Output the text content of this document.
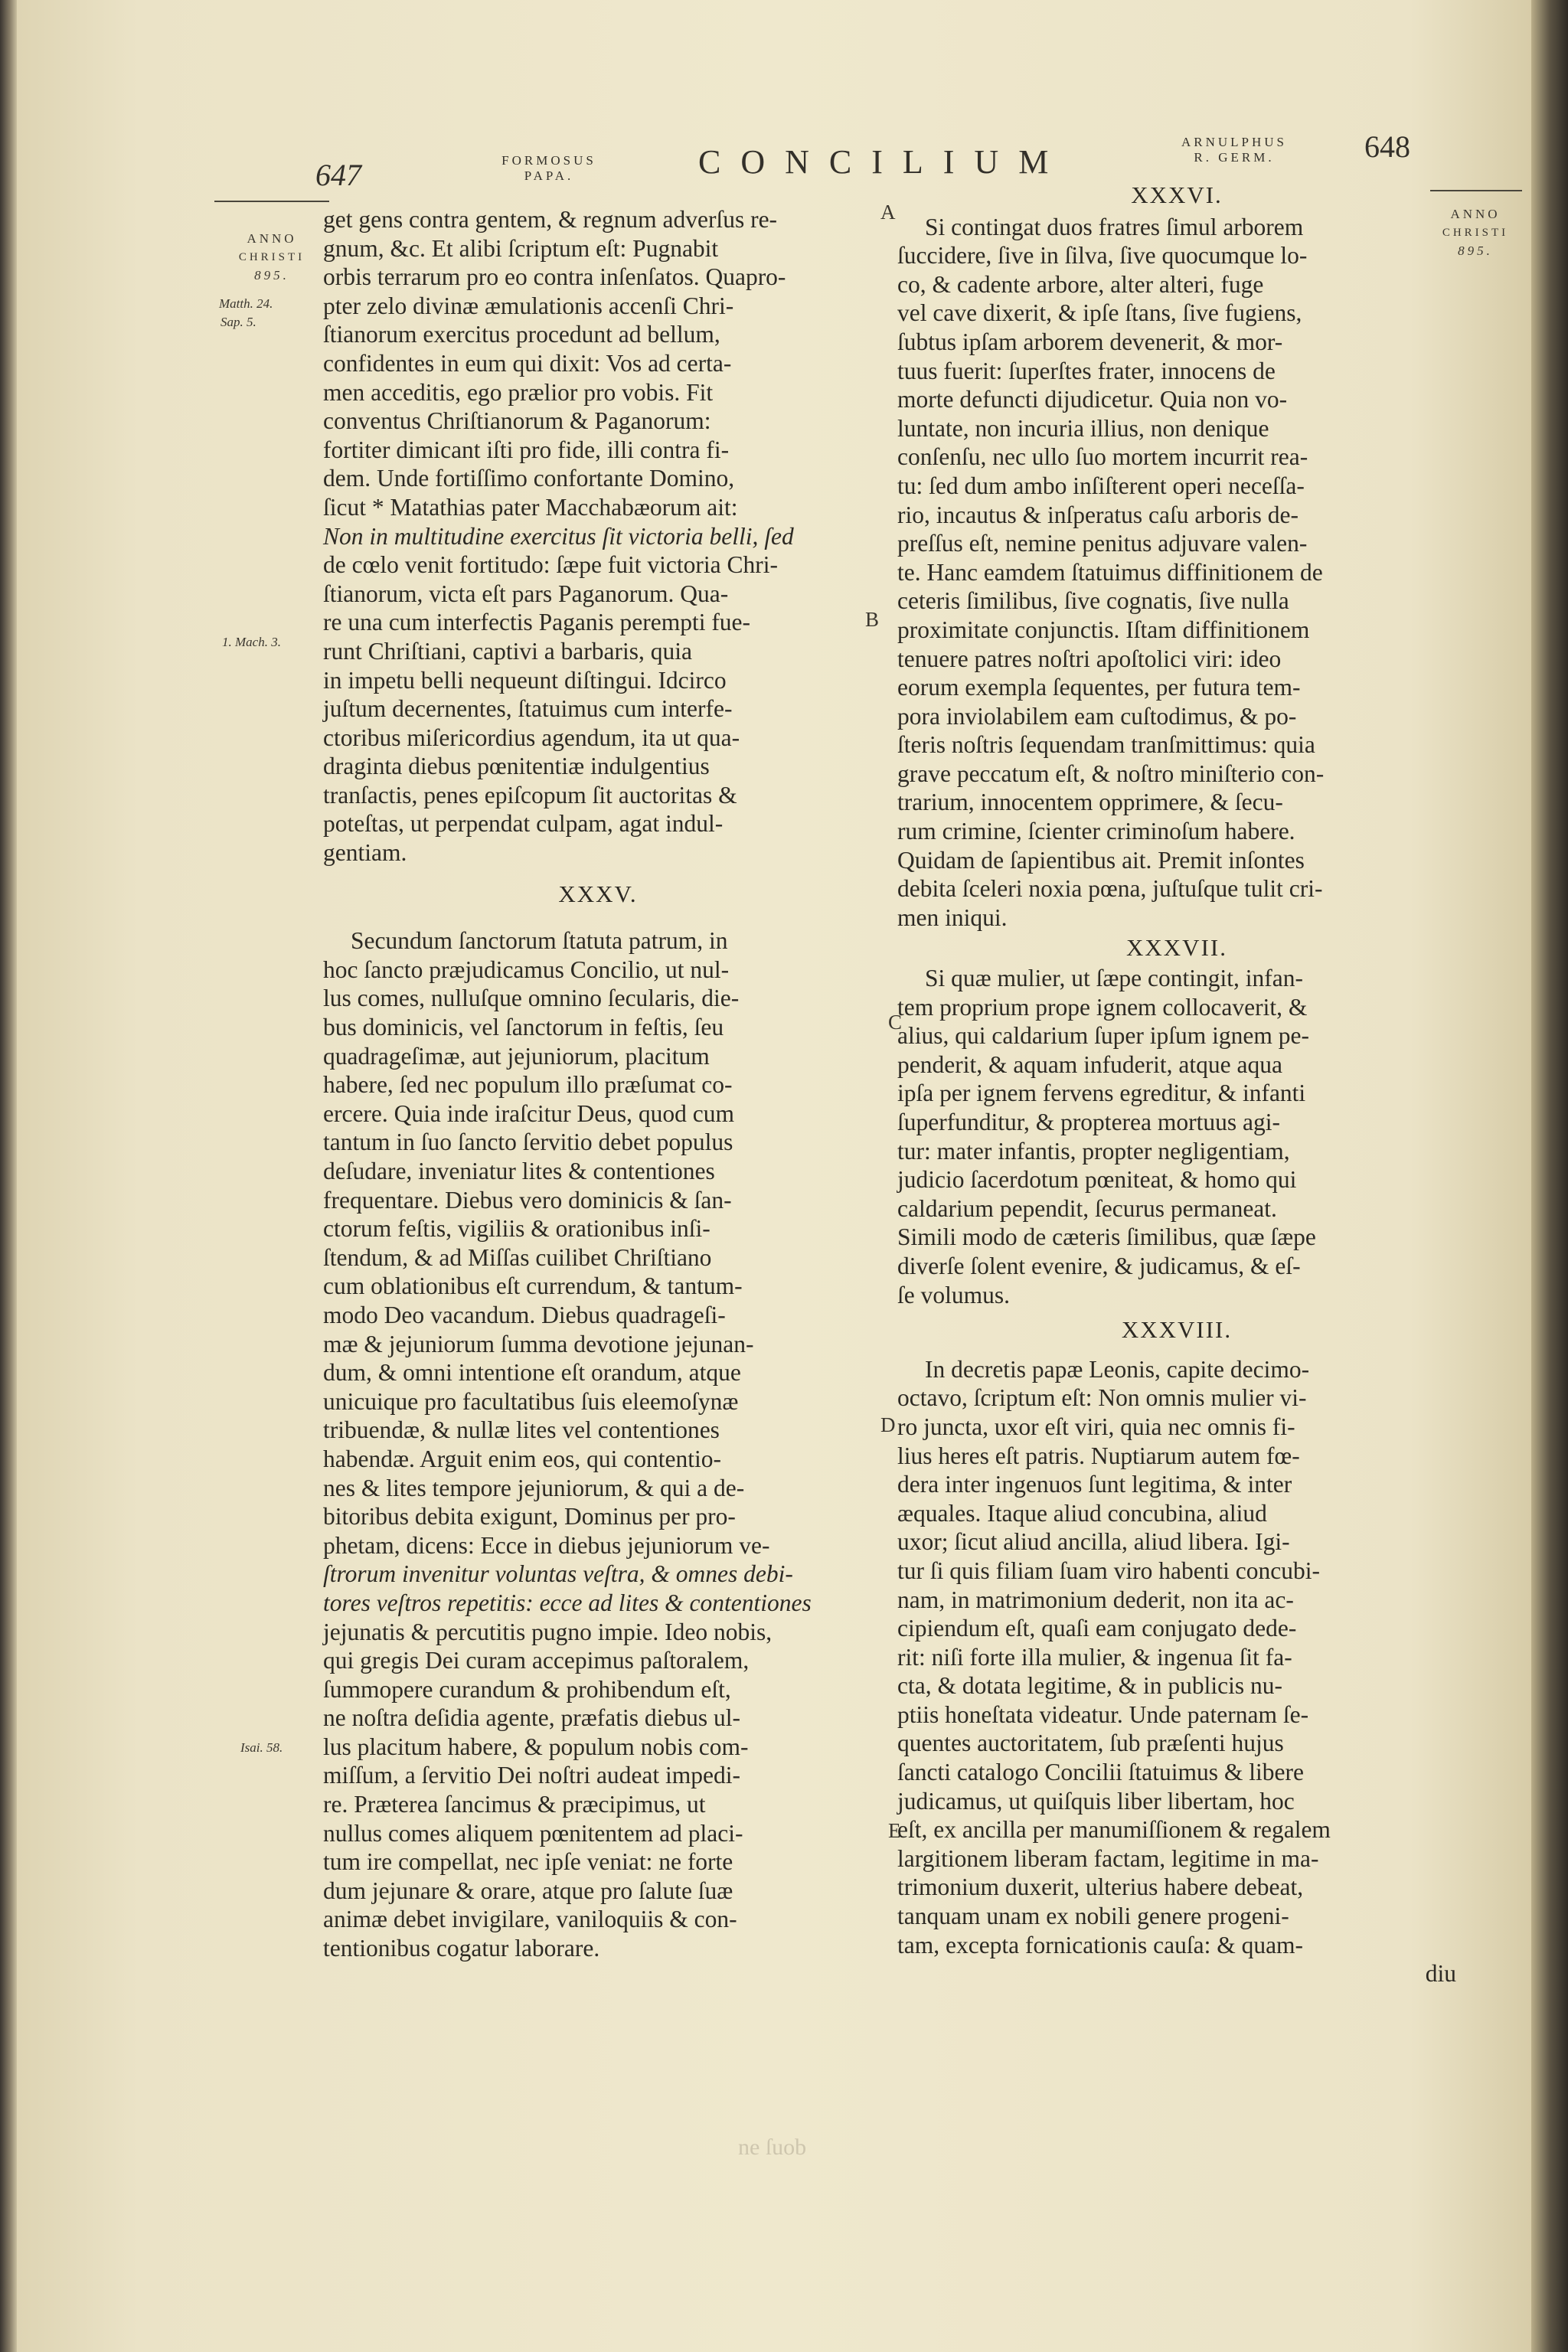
647	FORMOSUS
PAPA.	CONCILIUM
ARNULPHUS
R. GERM.	648
ANNO
CHRISTI
895.
Matth. 24.
Sap. 5.
1. Mach. 3.
Isai. 58.
ANNO
CHRISTI
895.
A
B
C
D
E
ne ſuob

get gens contra gentem, & regnum adverſus re-

gnum, &c. Et alibi ſcriptum eſt: Pugnabit

orbis terrarum pro eo contra inſenſatos. Quapro-

pter zelo divinæ æmulationis accenſi Chri-

ſtianorum exercitus procedunt ad bellum,

confidentes in eum qui dixit: Vos ad certa-

men acceditis, ego prælior pro vobis. Fit

conventus Chriſtianorum & Paganorum:

fortiter dimicant iſti pro fide, illi contra fi-

dem. Unde fortiſſimo confortante Domino,

ſicut * Matathias pater Macchabæorum ait:

Non in multitudine exercitus ſit victoria belli, ſed

de cœlo venit fortitudo: ſæpe fuit victoria Chri-

ſtianorum, victa eſt pars Paganorum. Qua-

re una cum interfectis Paganis perempti fue-

runt Chriſtiani, captivi a barbaris, quia

in impetu belli nequeunt diſtingui. Idcirco

juſtum decernentes, ſtatuimus cum interfe-

ctoribus miſericordius agendum, ita ut qua-

draginta diebus pœnitentiæ indulgentius

tranſactis, penes epiſcopum ſit auctoritas &

poteſtas, ut perpendat culpam, agat indul-

gentiam.

XXXV.

Secundum ſanctorum ſtatuta patrum, in

hoc ſancto præjudicamus Concilio, ut nul-

lus comes, nulluſque omnino ſecularis, die-

bus dominicis, vel ſanctorum in feſtis, ſeu

quadrageſimæ, aut jejuniorum, placitum

habere, ſed nec populum illo præſumat co-

ercere. Quia inde iraſcitur Deus, quod cum

tantum in ſuo ſancto ſervitio debet populus

deſudare, inveniatur lites & contentiones

frequentare. Diebus vero dominicis & ſan-

ctorum feſtis, vigiliis & orationibus inſi-

ſtendum, & ad Miſſas cuilibet Chriſtiano

cum oblationibus eſt currendum, & tantum-

modo Deo vacandum. Diebus quadrageſi-

mæ & jejuniorum ſumma devotione jejunan-

dum, & omni intentione eſt orandum, atque

unicuique pro facultatibus ſuis eleemoſynæ

tribuendæ, & nullæ lites vel contentiones

habendæ. Arguit enim eos, qui contentio-

nes & lites tempore jejuniorum, & qui a de-

bitoribus debita exigunt, Dominus per pro-

phetam, dicens: Ecce in diebus jejuniorum ve-

ſtrorum invenitur voluntas veſtra, & omnes debi-

tores veſtros repetitis: ecce ad lites & contentiones

jejunatis & percutitis pugno impie. Ideo nobis,

qui gregis Dei curam accepimus paſtoralem,

ſummopere curandum & prohibendum eſt,

ne noſtra deſidia agente, præfatis diebus ul-

lus placitum habere, & populum nobis com-

miſſum, a ſervitio Dei noſtri audeat impedi-

re. Præterea ſancimus & præcipimus, ut

nullus comes aliquem pœnitentem ad placi-

tum ire compellat, nec ipſe veniat: ne forte

dum jejunare & orare, atque pro ſalute ſuæ

animæ debet invigilare, vaniloquiis & con-

tentionibus cogatur laborare.

XXXVI.

Si contingat duos fratres ſimul arborem

ſuccidere, ſive in ſilva, ſive quocumque lo-

co, & cadente arbore, alter alteri, fuge

vel cave dixerit, & ipſe ſtans, ſive fugiens,

ſubtus ipſam arborem devenerit, & mor-

tuus fuerit: ſuperſtes frater, innocens de

morte defuncti dijudicetur. Quia non vo-

luntate, non incuria illius, non denique

conſenſu, nec ullo ſuo mortem incurrit rea-

tu: ſed dum ambo inſiſterent operi neceſſa-

rio, incautus & inſperatus caſu arboris de-

preſſus eſt, nemine penitus adjuvare valen-

te. Hanc eamdem ſtatuimus diffinitionem de

ceteris ſimilibus, ſive cognatis, ſive nulla

proximitate conjunctis. Iſtam diffinitionem

tenuere patres noſtri apoſtolici viri: ideo

eorum exempla ſequentes, per futura tem-

pora inviolabilem eam cuſtodimus, & po-

ſteris noſtris ſequendam tranſmittimus: quia

grave peccatum eſt, & noſtro miniſterio con-

trarium, innocentem opprimere, & ſecu-

rum crimine, ſcienter criminoſum habere.

Quidam de ſapientibus ait. Premit inſontes

debita ſceleri noxia pœna, juſtuſque tulit cri-

men iniqui.

XXXVII.

Si quæ mulier, ut ſæpe contingit, infan-

tem proprium prope ignem collocaverit, &

alius, qui caldarium ſuper ipſum ignem pe-

penderit, & aquam infuderit, atque aqua

ipſa per ignem fervens egreditur, & infanti

ſuperfunditur, & propterea mortuus agi-

tur: mater infantis, propter negligentiam,

judicio ſacerdotum pœniteat, & homo qui

caldarium pependit, ſecurus permaneat.

Simili modo de cæteris ſimilibus, quæ ſæpe

diverſe ſolent evenire, & judicamus, & eſ-

ſe volumus.

XXXVIII.

In decretis papæ Leonis, capite decimo-

octavo, ſcriptum eſt: Non omnis mulier vi-

ro juncta, uxor eſt viri, quia nec omnis fi-

lius heres eſt patris. Nuptiarum autem fœ-

dera inter ingenuos ſunt legitima, & inter

æquales. Itaque aliud concubina, aliud

uxor; ſicut aliud ancilla, aliud libera. Igi-

tur ſi quis filiam ſuam viro habenti concubi-

nam, in matrimonium dederit, non ita ac-

cipiendum eſt, quaſi eam conjugato dede-

rit: niſi forte illa mulier, & ingenua ſit fa-

cta, & dotata legitime, & in publicis nu-

ptiis honeſtata videatur. Unde paternam ſe-

quentes auctoritatem, ſub præſenti hujus

ſancti catalogo Concilii ſtatuimus & libere

judicamus, ut quiſquis liber libertam, hoc

eſt, ex ancilla per manumiſſionem & regalem

largitionem liberam factam, legitime in ma-

trimonium duxerit, ulterius habere debeat,

tanquam unam ex nobili genere progeni-

tam, excepta fornicationis cauſa: & quam-

diu
